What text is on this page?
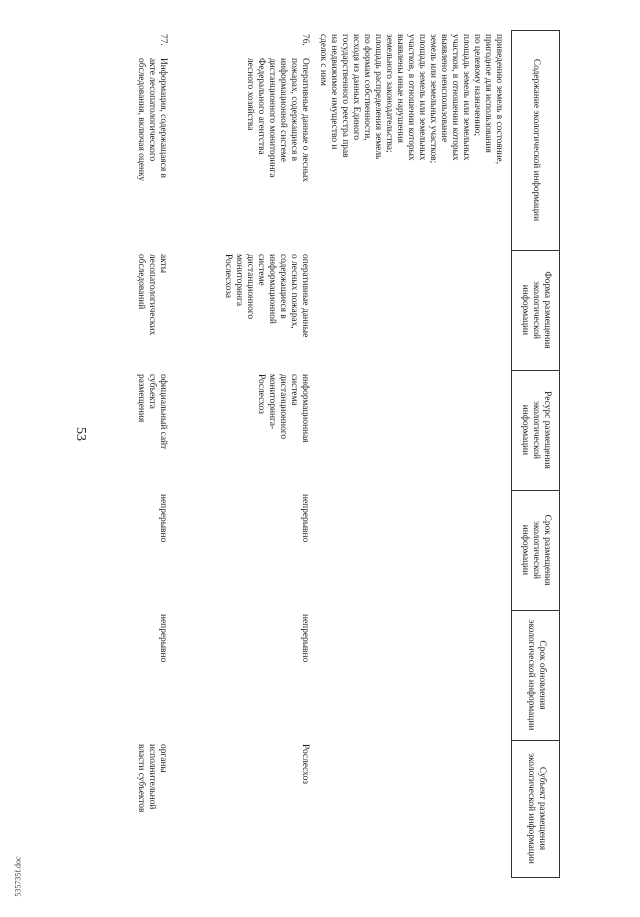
53
535735f.doc
Содержание экологической информации
Форма размещения экологической информации
Ресурс размещения экологической информации
Срок размещения экологической информации
Срок обновления экологической информации
Субъект размещения экологической информации
приведению земель в состояние,
пригодное для использования
по целевому назначению;
площадь земель или земельных
участков, в отношении которых
выявлено неиспользование
земель или земельных участков;
площадь земель или земельных
участков, в отношении которых
выявлены иные нарушения
земельного законодательства;
площадь распределения земель
по формам собственности,
исходя из данных Единого
государственного реестра прав
на недвижимое имущество и
сделок с ним
76.
Оперативные данные о лесных
пожарах, содержащиеся в
информационной системе
дистанционного мониторинга
Федерального агентства
лесного хозяйства
оперативные данные
о лесных пожарах,
содержащиеся в
информационной
системе
дистанционного
мониторинга
Рослесхоза
информационная
система
дистанционного
мониторинга-
Рослесхоз
непрерывно
непрерывно
Рослесхоз
77.
Информация, содержащаяся в
акте лесопатологического
обследования, включая оценку
акты
лесопатологических
обследований
официальный сайт
субъекта
размещения
непрерывно
непрерывно
органы
исполнительной
власти субъектов
